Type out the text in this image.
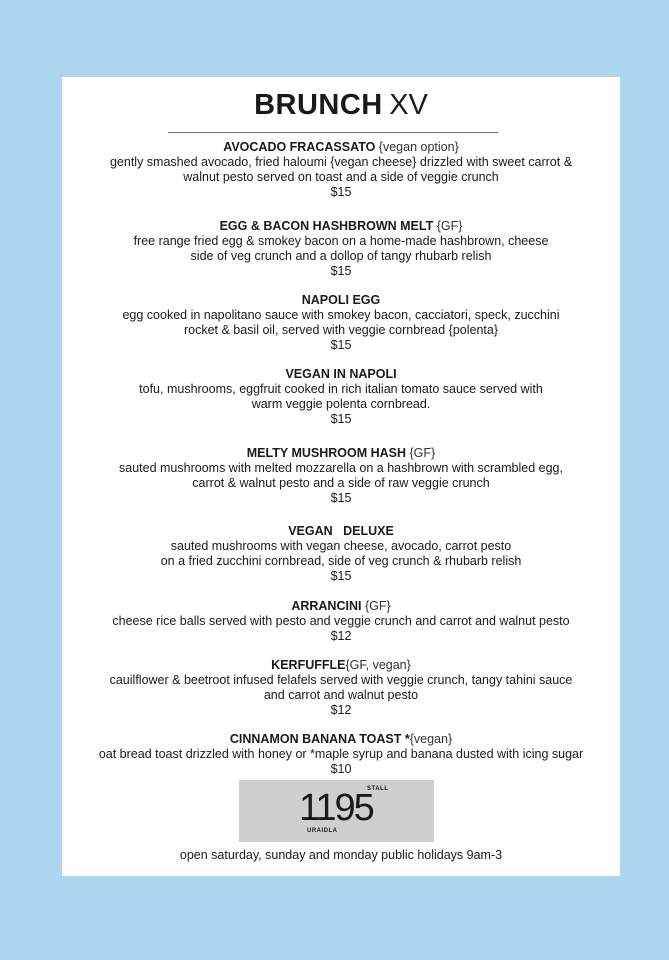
BRUNCH XV
AVOCADO FRACASSATO {vegan option}
gently smashed avocado, fried haloumi {vegan cheese} drizzled with sweet carrot &
walnut pesto served on toast and a side of veggie crunch
$15
EGG & BACON HASHBROWN MELT {GF}
free range fried egg & smokey bacon on a home-made hashbrown, cheese
side of veg crunch and a dollop of tangy rhubarb relish
$15
NAPOLI EGG
egg cooked in napolitano sauce with smokey bacon, cacciatori, speck, zucchini
rocket & basil oil, served with veggie cornbread {polenta}
$15
VEGAN IN NAPOLI
tofu, mushrooms, eggfruit cooked in rich italian tomato sauce served with
warm veggie polenta cornbread.
$15
MELTY MUSHROOM HASH {GF}
sauted mushrooms with melted mozzarella on a hashbrown with scrambled egg,
carrot & walnut pesto and a side of raw veggie crunch
$15
VEGAN   DELUXE
sauted mushrooms with vegan cheese, avocado, carrot pesto
on a fried zucchini cornbread, side of veg crunch & rhubarb relish
$15
ARRANCINI {GF}
cheese rice balls served with pesto and veggie crunch and carrot and walnut pesto
$12
KERFUFFLE{GF, vegan}
cauilflower & beetroot infused felafels served with veggie crunch, tangy tahini sauce
and carrot and walnut pesto
$12
CINNAMON BANANA TOAST *{vegan}
oat bread toast drizzled with honey or *maple syrup and banana dusted with icing sugar
$10
STALL
1195
URAIDLA
open saturday, sunday and monday public holidays 9am-3
